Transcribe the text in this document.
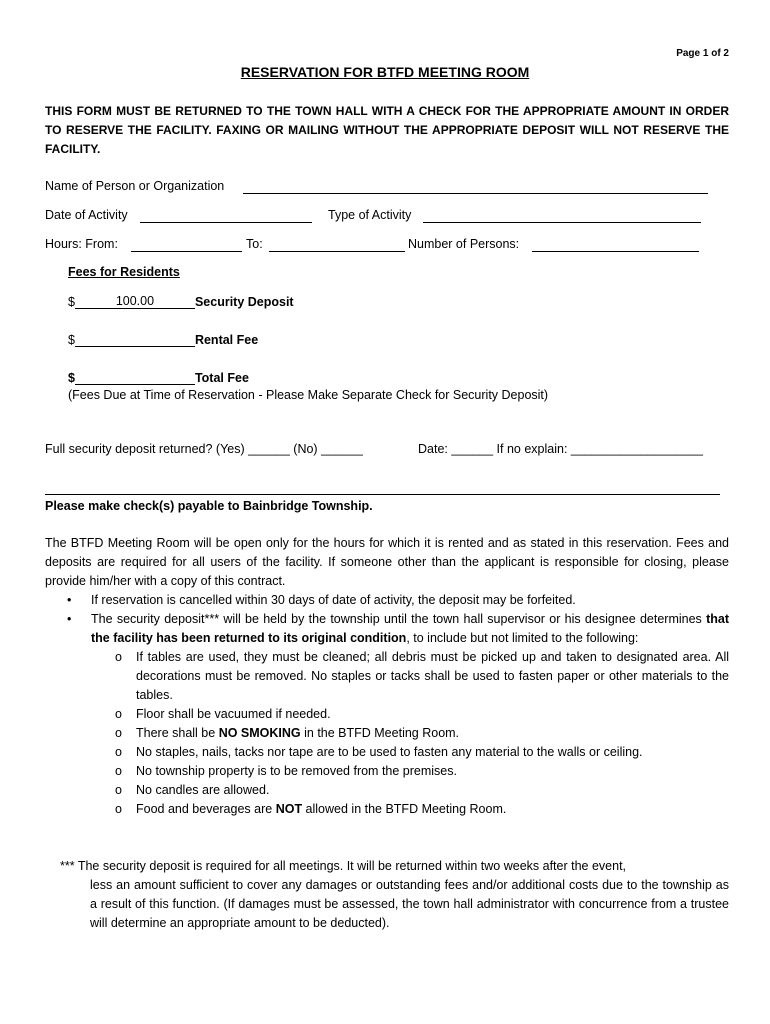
Page 1 of 2
RESERVATION FOR BTFD MEETING ROOM
THIS FORM MUST BE RETURNED TO THE TOWN HALL WITH A CHECK FOR THE APPROPRIATE AMOUNT IN ORDER TO RESERVE THE FACILITY. FAXING OR MAILING WITHOUT THE APPROPRIATE DEPOSIT WILL NOT RESERVE THE FACILITY.
Name of Person or Organization
Date of Activity	Type of Activity
Hours: From:	To:	Number of Persons:
Fees for Residents
$	100.00	Security Deposit
$	Rental Fee
$	Total Fee
(Fees Due at Time of Reservation - Please Make Separate Check for Security Deposit)
Full security deposit returned? (Yes) ______ (No) ______	Date: ______ If no explain: ___________________
Please make check(s) payable to Bainbridge Township.
The BTFD Meeting Room will be open only for the hours for which it is rented and as stated in this reservation. Fees and deposits are required for all users of the facility. If someone other than the applicant is responsible for closing, please provide him/her with a copy of this contract.
• If reservation is cancelled within 30 days of date of activity, the deposit may be forfeited.
• The security deposit*** will be held by the township until the town hall supervisor or his designee determines that the facility has been returned to its original condition, to include but not limited to the following:
o If tables are used, they must be cleaned; all debris must be picked up and taken to designated area. All decorations must be removed. No staples or tacks shall be used to fasten paper or other materials to the tables.
o Floor shall be vacuumed if needed.
o There shall be NO SMOKING in the BTFD Meeting Room.
o No staples, nails, tacks nor tape are to be used to fasten any material to the walls or ceiling.
o No township property is to be removed from the premises.
o No candles are allowed.
o Food and beverages are NOT allowed in the BTFD Meeting Room.
*** The security deposit is required for all meetings. It will be returned within two weeks after the event,
less an amount sufficient to cover any damages or outstanding fees and/or additional costs due to the township as a result of this function. (If damages must be assessed, the town hall administrator with concurrence from a trustee will determine an appropriate amount to be deducted).
